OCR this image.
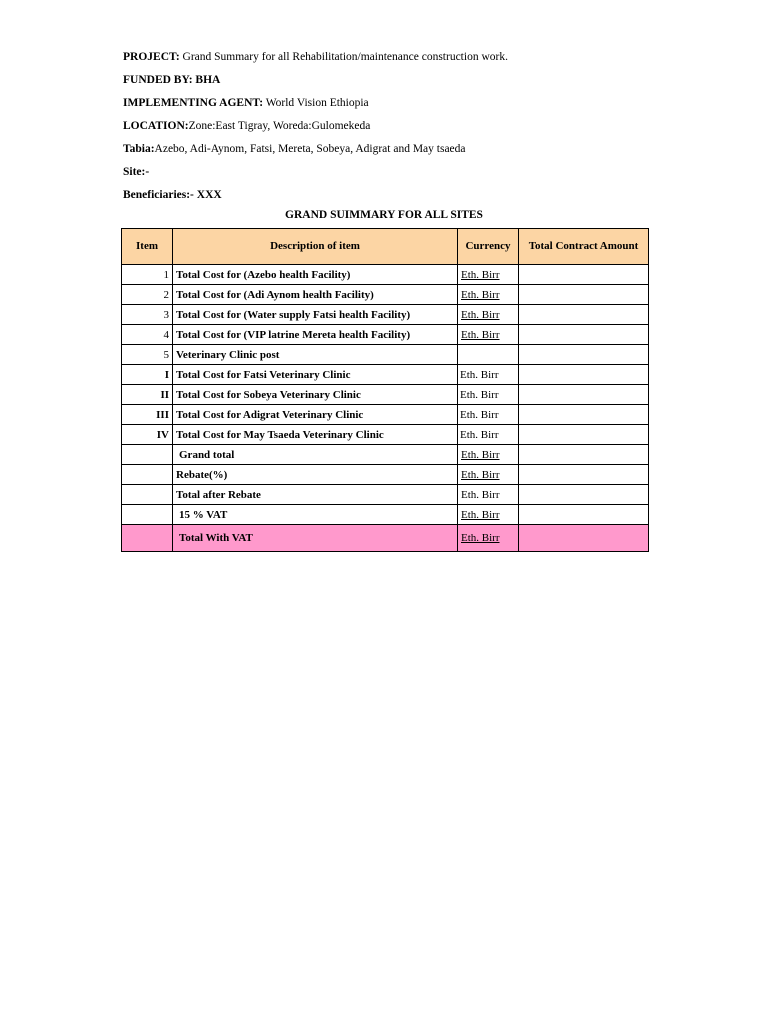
PROJECT: Grand Summary for all Rehabilitation/maintenance construction work.
FUNDED BY: BHA
IMPLEMENTING AGENT: World Vision Ethiopia
LOCATION:Zone:East Tigray, Woreda:Gulomekeda
Tabia:Azebo, Adi-Aynom, Fatsi, Mereta, Sobeya, Adigrat and May tsaeda
Site:-
Beneficiaries:- XXX
GRAND SUIMMARY FOR ALL SITES
Item	Description of item	Currency	Total Contract Amount
1	Total Cost for (Azebo health Facility)	Eth. Birr	
2	Total Cost for (Adi Aynom health Facility)	Eth. Birr	
3	Total Cost for (Water supply Fatsi health Facility)	Eth. Birr	
4	Total Cost for (VIP latrine Mereta health Facility)	Eth. Birr	
5	Veterinary Clinic post		
I	Total Cost for Fatsi Veterinary Clinic	Eth. Birr	
II	Total Cost for Sobeya Veterinary Clinic	Eth. Birr	
III	Total Cost for Adigrat Veterinary Clinic	Eth. Birr	
IV	Total Cost for May Tsaeda Veterinary Clinic	Eth. Birr	
	Grand total	Eth. Birr	
	Rebate(%)	Eth. Birr	
	Total after Rebate	Eth. Birr	
	15 % VAT	Eth. Birr	
	Total With VAT	Eth. Birr	
